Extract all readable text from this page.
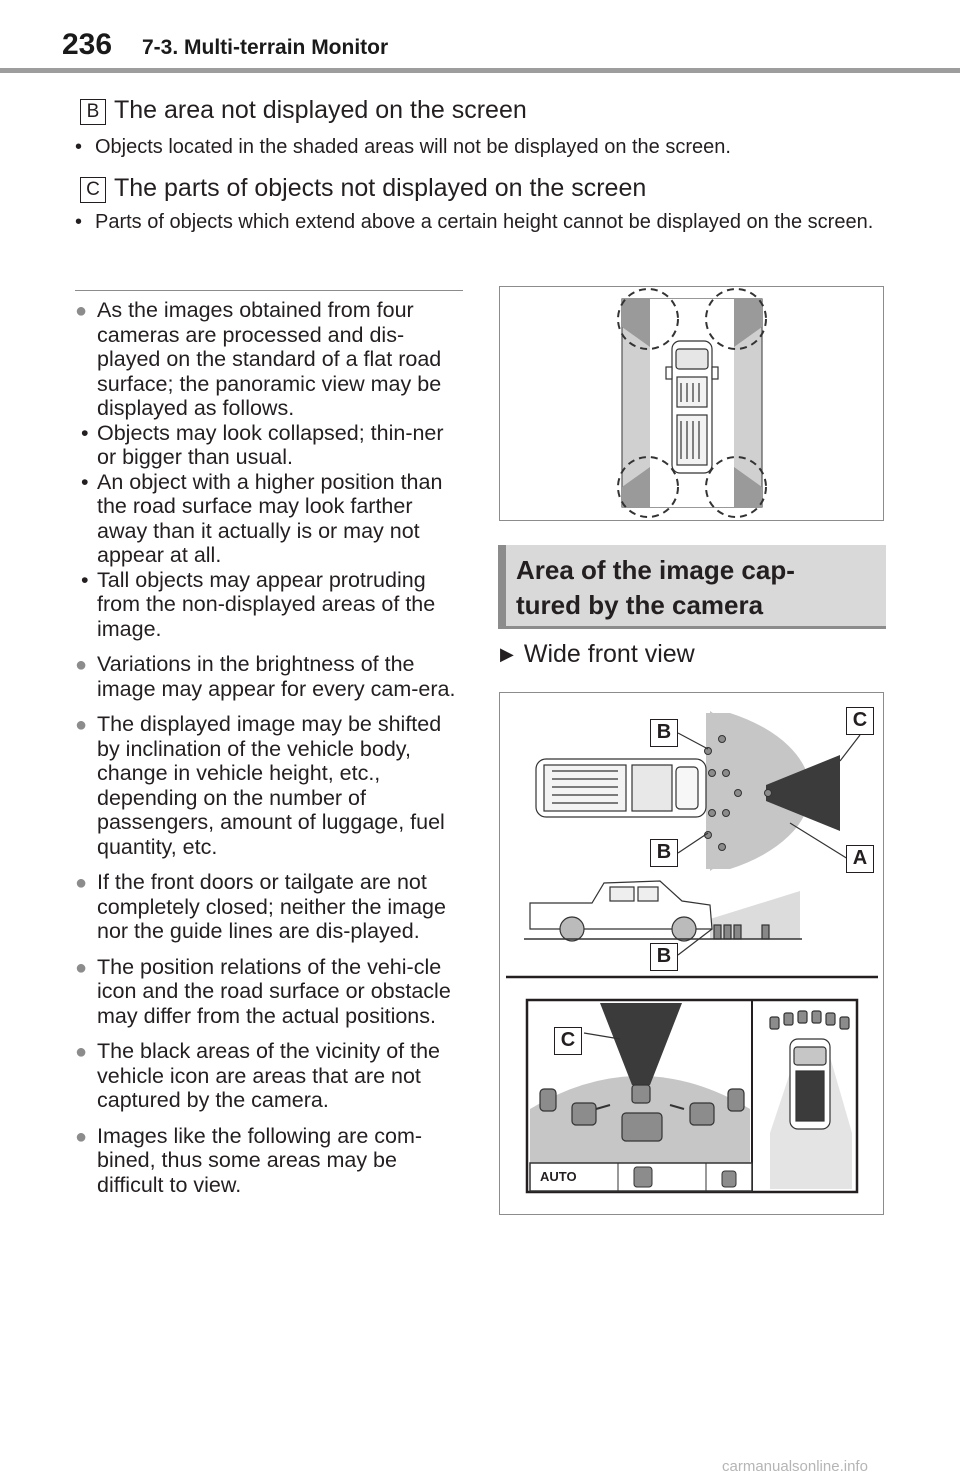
236 7-3. Multi-terrain Monitor
B The area not displayed on the screen
• Objects located in the shaded areas will not be displayed on the screen.
C The parts of objects not displayed on the screen
• Parts of objects which extend above a certain height cannot be displayed on the screen.
● As the images obtained from four cameras are processed and dis-played on the standard of a flat road surface; the panoramic view may be displayed as follows.
• Objects may look collapsed; thin-ner or bigger than usual.
• An object with a higher position than the road surface may look farther away than it actually is or may not appear at all.
• Tall objects may appear protruding from the non-displayed areas of the image.
● Variations in the brightness of the image may appear for every cam-era.
● The displayed image may be shifted by inclination of the vehicle body, change in vehicle height, etc., depending on the number of passengers, amount of luggage, fuel quantity, etc.
● If the front doors or tailgate are not completely closed; neither the image nor the guide lines are dis-played.
● The position relations of the vehi-cle icon and the road surface or obstacle may differ from the actual positions.
● The black areas of the vicinity of the vehicle icon are areas that are not captured by the camera.
● Images like the following are com-bined, thus some areas may be difficult to view.
Area of the image cap-
tured by the camera
▶ Wide front view
B
C
B	A
B
C
AUTO
carmanualsonline.info
